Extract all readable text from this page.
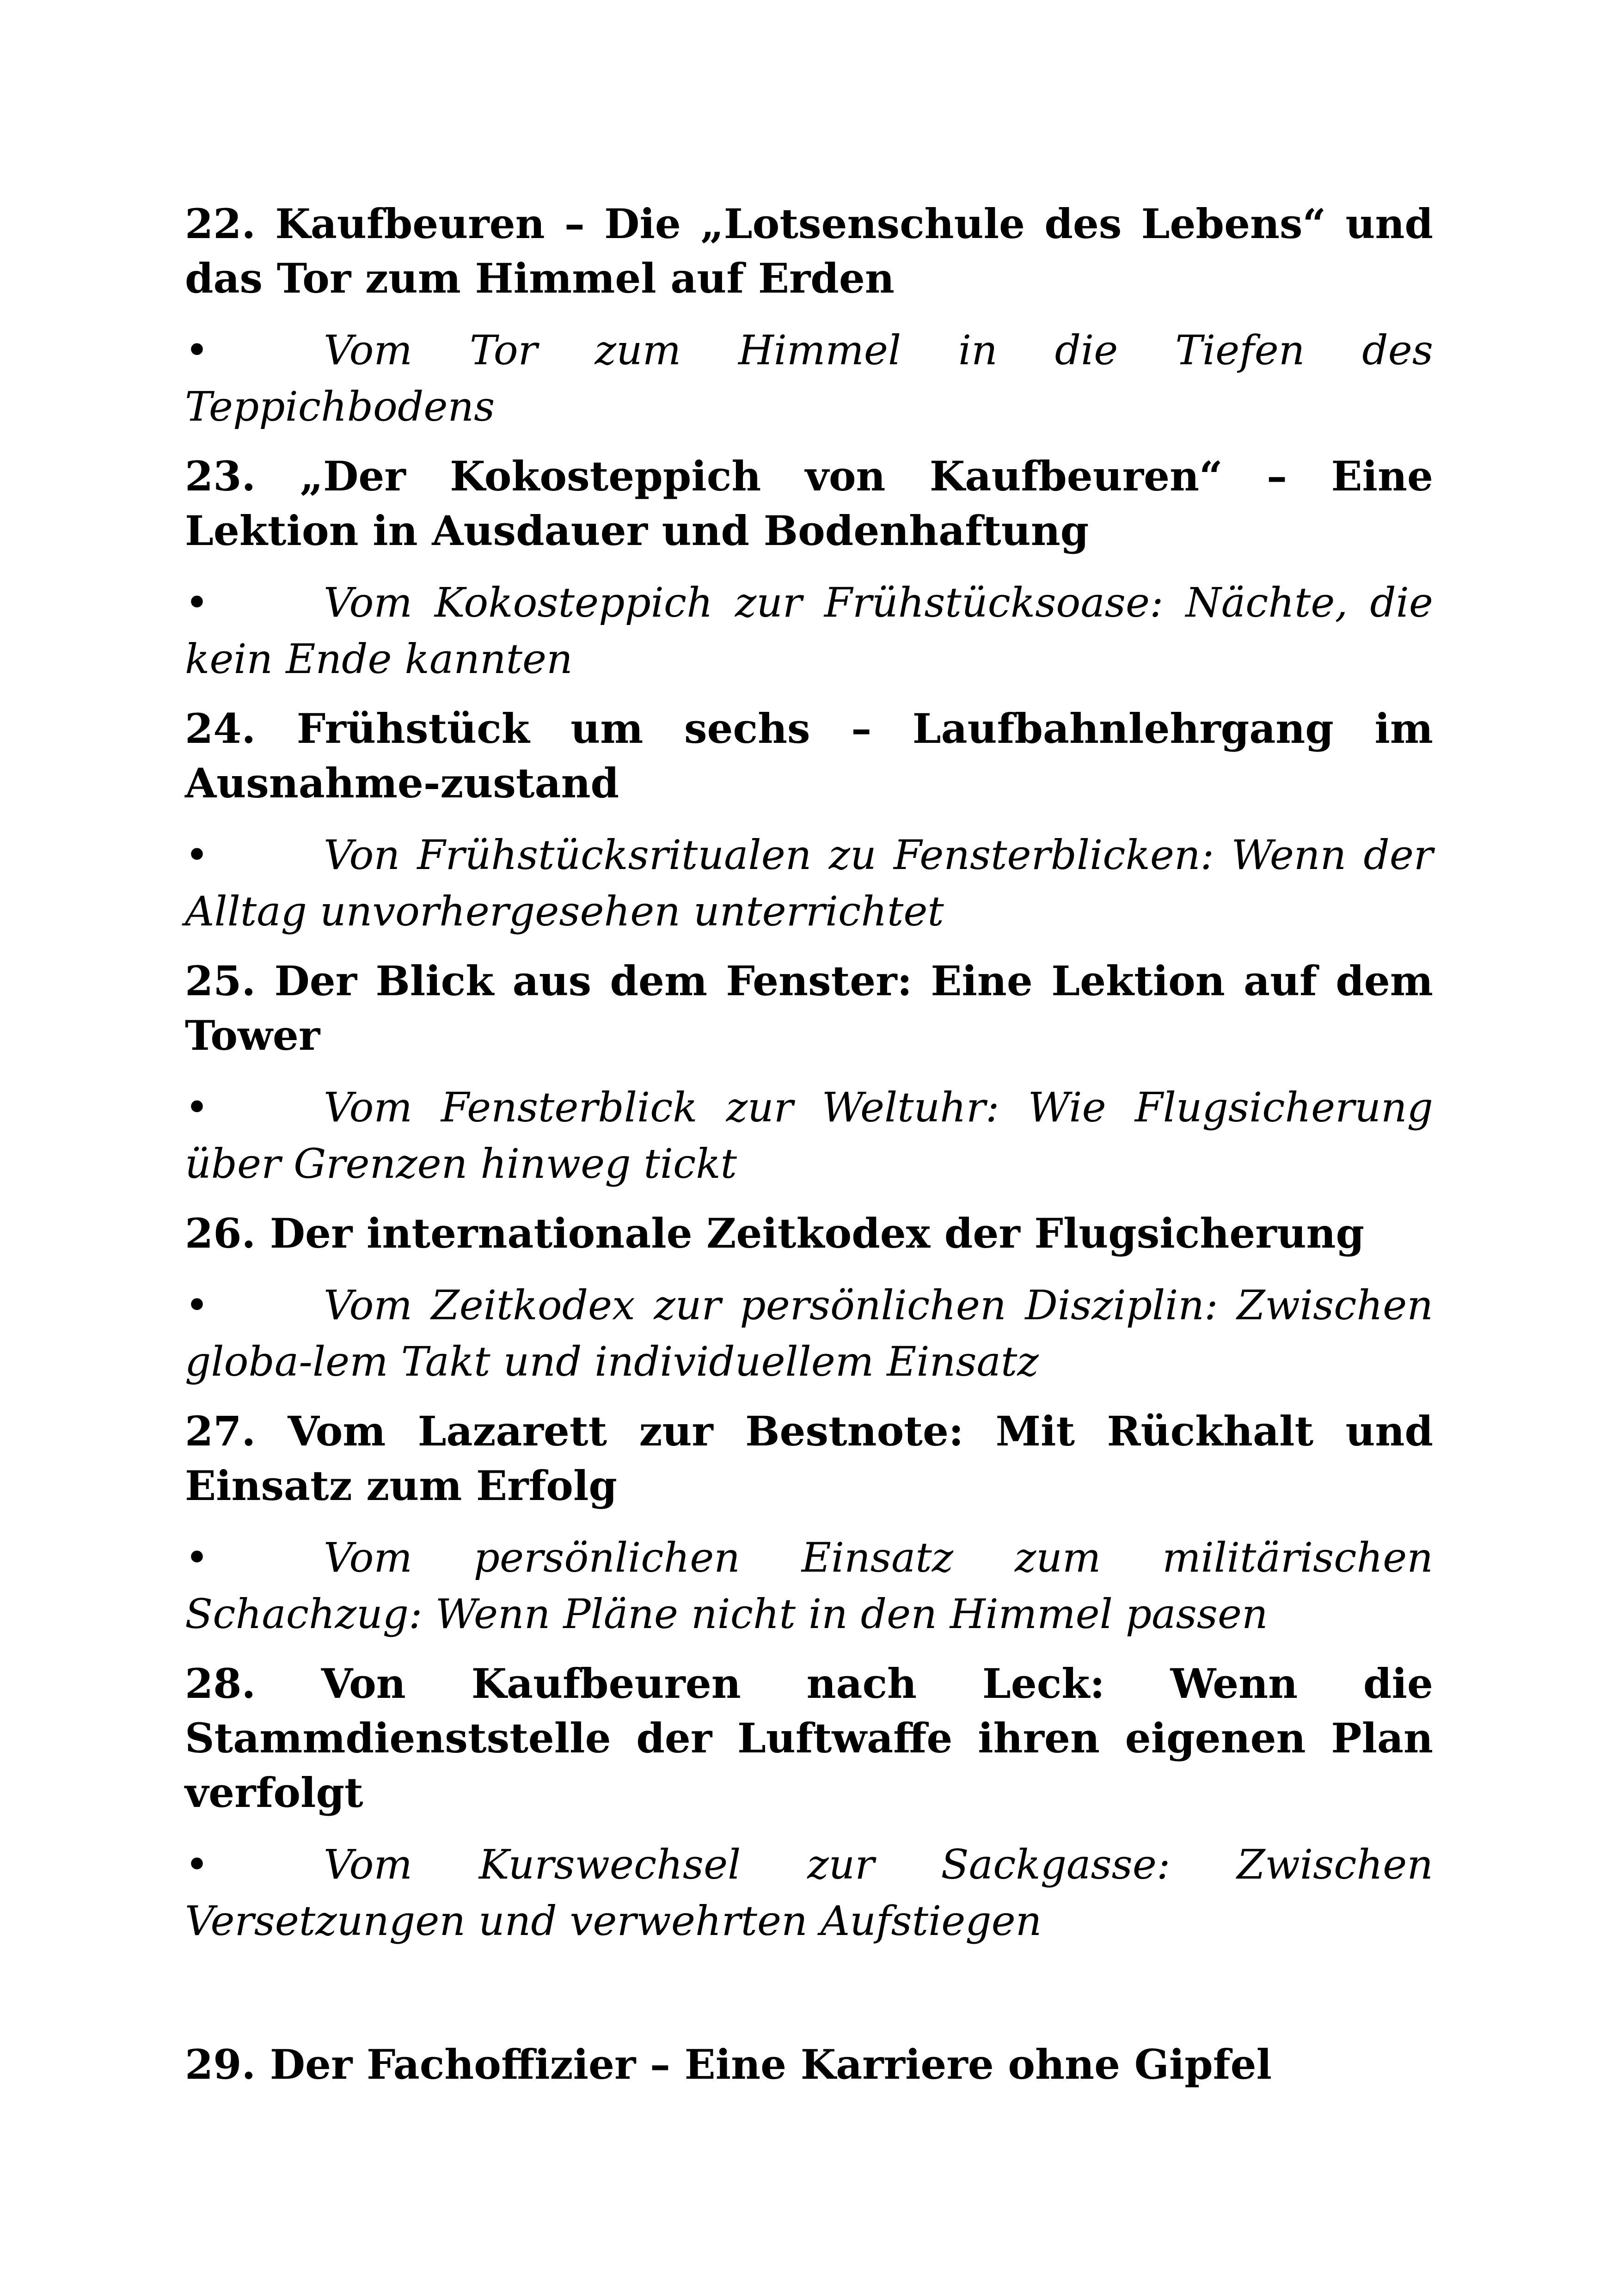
22. Kaufbeuren – Die „Lotsenschule des Lebens“ und das Tor zum Himmel auf Erden

•	Vom Tor zum Himmel in die Tiefen des Teppichbodens

23. „Der Kokosteppich von Kaufbeuren“ – Eine Lektion in Ausdauer und Bodenhaftung

•	Vom Kokosteppich zur Frühstücksoase: Nächte, die kein Ende kannten

24. Frühstück um sechs – Laufbahnlehrgang im Ausnahme-zustand

•	Von Frühstücksritualen zu Fensterblicken: Wenn der Alltag unvorhergesehen unterrichtet

25. Der Blick aus dem Fenster: Eine Lektion auf dem Tower

•	Vom Fensterblick zur Weltuhr: Wie Flugsicherung über Grenzen hinweg tickt

26. Der internationale Zeitkodex der Flugsicherung

•	Vom Zeitkodex zur persönlichen Disziplin: Zwischen globa-lem Takt und individuellem Einsatz

27. Vom Lazarett zur Bestnote: Mit Rückhalt und Einsatz zum Erfolg

•	Vom persönlichen Einsatz zum militärischen Schachzug: Wenn Pläne nicht in den Himmel passen

28. Von Kaufbeuren nach Leck: Wenn die Stammdienststelle der Luftwaffe ihren eigenen Plan verfolgt

•	Vom Kurswechsel zur Sackgasse: Zwischen Versetzungen und verwehrten Aufstiegen

29. Der Fachoffizier – Eine Karriere ohne Gipfel
